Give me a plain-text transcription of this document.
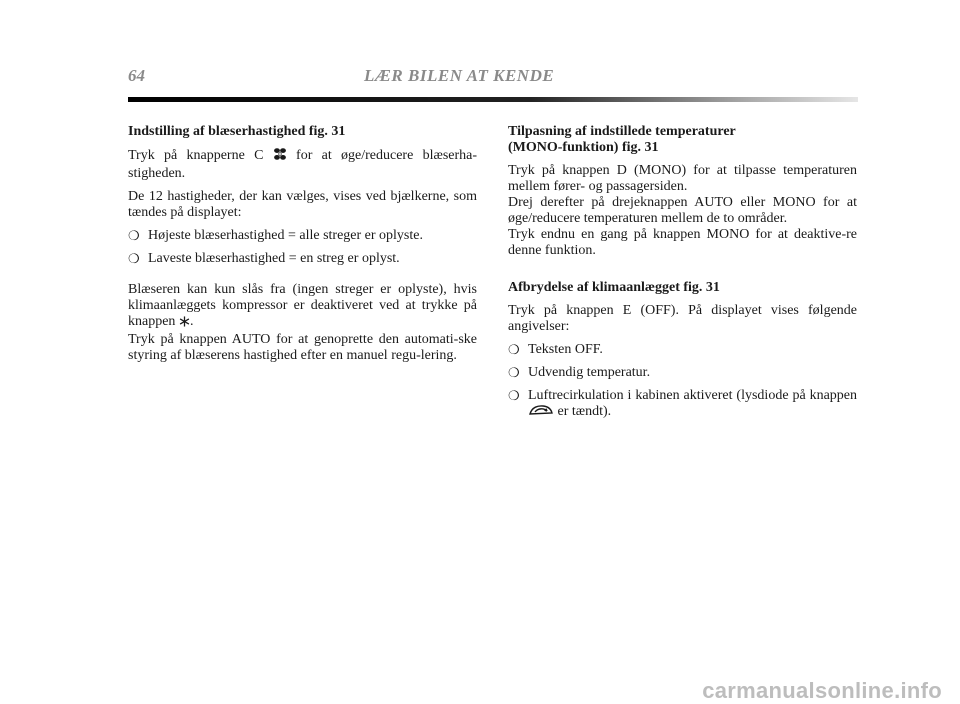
64	LÆR BILEN AT KENDE
Indstilling af blæserhastighed fig. 31

Tryk på knapperne C for at øge/reducere blæserha-stigheden.

De 12 hastigheder, der kan vælges, vises ved bjælkerne, som tændes på displayet:

❍ Højeste blæserhastighed = alle streger er oplyste.
❍ Laveste blæserhastighed = en streg er oplyst.

Blæseren kan kun slås fra (ingen streger er oplyste), hvis klimaanlæggets kompressor er deaktiveret ved at trykke på knappen .

Tryk på knappen AUTO for at genoprette den automati-ske styring af blæserens hastighed efter en manuel regu-lering.

Tilpasning af indstillede temperaturer
(MONO-funktion) fig. 31

Tryk på knappen D (MONO) for at tilpasse temperaturen mellem fører- og passagersiden.

Drej derefter på drejeknappen AUTO eller MONO for at øge/reducere temperaturen mellem de to områder.

Tryk endnu en gang på knappen MONO for at deaktive-re denne funktion.

Afbrydelse af klimaanlægget fig. 31

Tryk på knappen E (OFF). På displayet vises følgende angivelser:

❍ Teksten OFF.
❍ Udvendig temperatur.
❍ Luftrecirkulation i kabinen aktiveret (lysdiode på knappen  er tændt).
carmanualsonline.info
